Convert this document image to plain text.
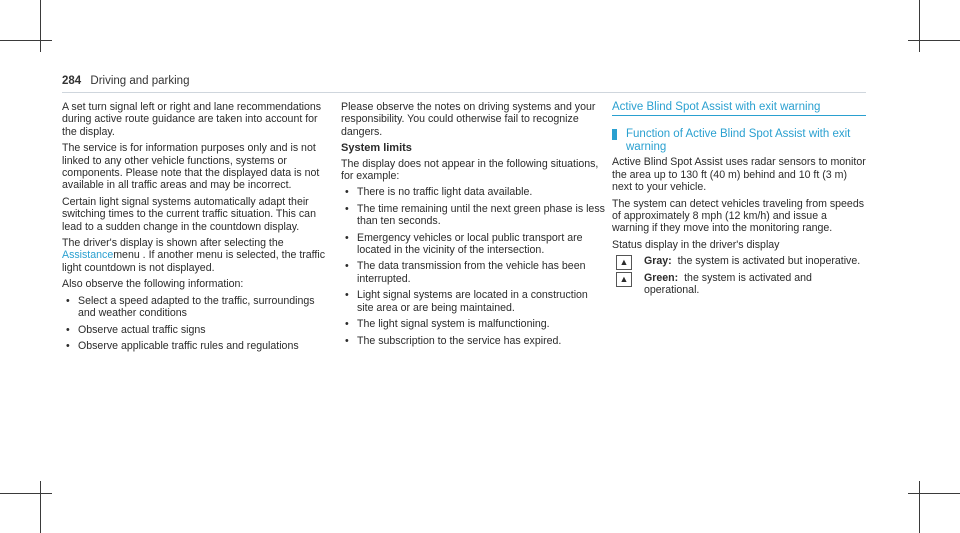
284 Driving and parking

A set turn signal left or right and lane recommendations during active route guidance are taken into account for the display.

The service is for information purposes only and is not linked to any other vehicle functions, systems or components. Please note that the displayed data is not available in all traffic areas and may be incorrect.

Certain light signal systems automatically adapt their switching times to the current traffic situation. This can lead to a sudden change in the countdown display.

The driver's display is shown after selecting the Assistancemenu . If another menu is selected, the traffic light countdown is not displayed.

Also observe the following information:

• Select a speed adapted to the traffic, surroundings and weather conditions
• Observe actual traffic signs
• Observe applicable traffic rules and regulations

Please observe the notes on driving systems and your responsibility. You could otherwise fail to recognize dangers.

System limits

The display does not appear in the following situations, for example:

• There is no traffic light data available.
• The time remaining until the next green phase is less than ten seconds.
• Emergency vehicles or local public transport are located in the vicinity of the intersection.
• The data transmission from the vehicle has been interrupted.
• Light signal systems are located in a construction site area or are being maintained.
• The light signal system is malfunctioning.
• The subscription to the service has expired.
Active Blind Spot Assist with exit warning
Function of Active Blind Spot Assist with exit warning

Active Blind Spot Assist uses radar sensors to monitor the area up to 130 ft (40 m) behind and 10 ft (3 m) next to your vehicle.

The system can detect vehicles traveling from speeds of approximately 8 mph (12 km/h) and issue a warning if they move into the monitoring range.

Status display in the driver's display

▲	Gray: the system is activated but inoperative.
▲	Green: the system is activated and operational.
